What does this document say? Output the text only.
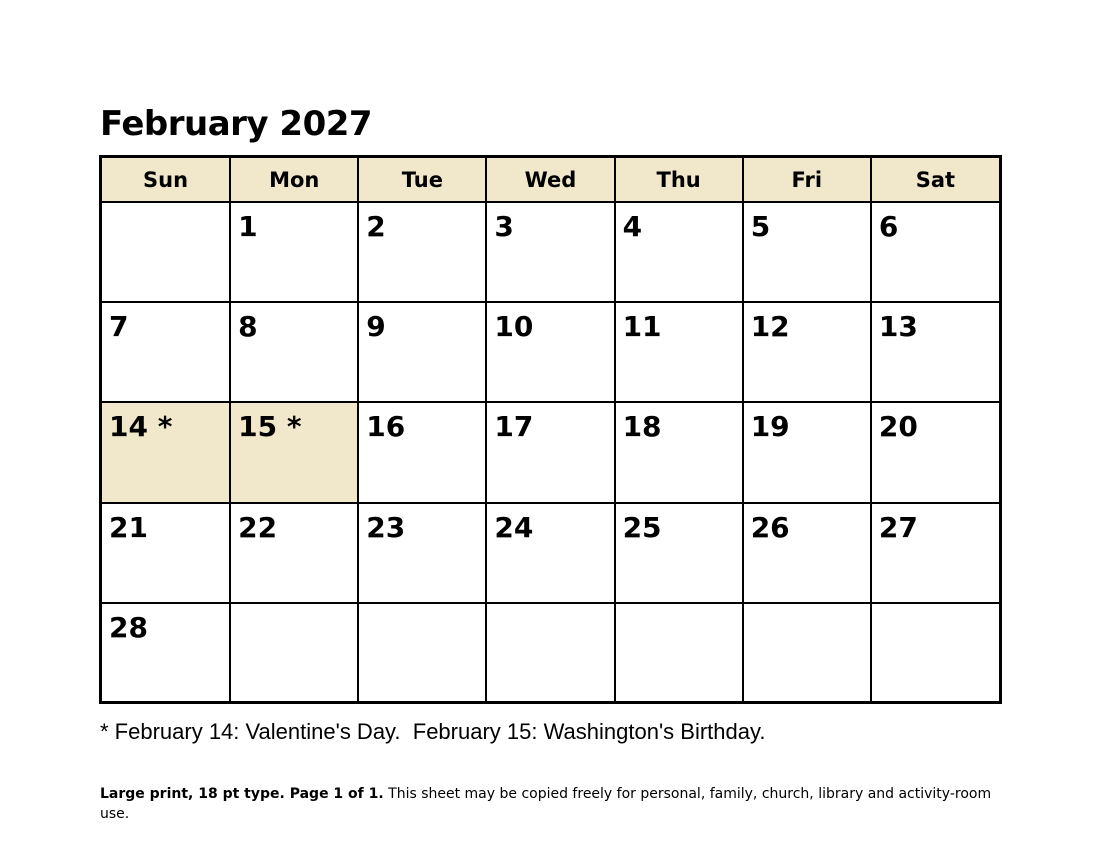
February 2027
Sun	Mon	Tue	Wed	Thu	Fri	Sat
	1	2	3	4	5	6
7	8	9	10	11	12	13
14 *	15 *	16	17	18	19	20
21	22	23	24	25	26	27
28						

* February 14: Valentine's Day.  February 15: Washington's Birthday.

Large print, 18 pt type. Page 1 of 1. This sheet may be copied freely for personal, family, church, library and activity-room use.
